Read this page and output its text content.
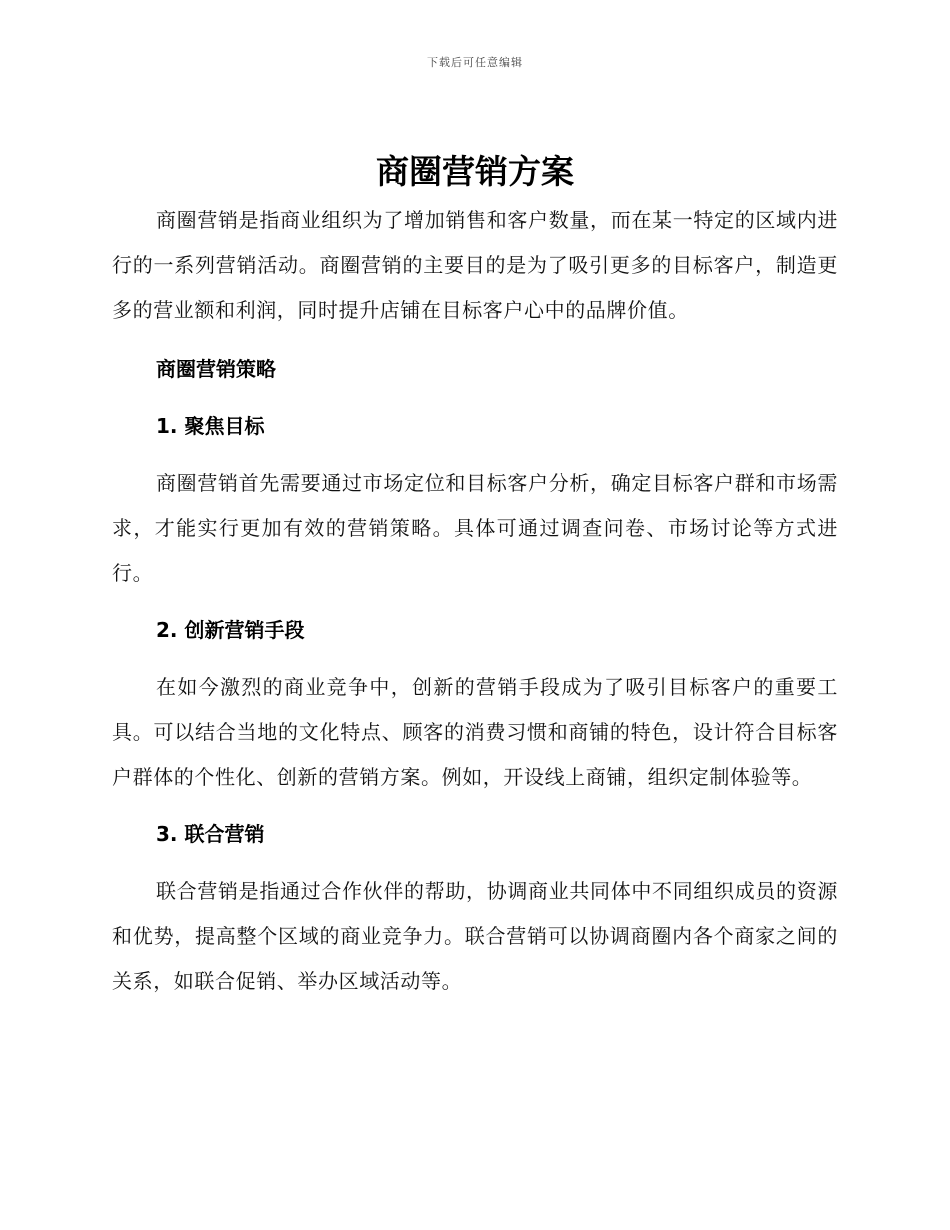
下载后可任意编辑
商圈营销方案

商圈营销是指商业组织为了增加销售和客户数量，而在某一特定的区域内进行的一系列营销活动。商圈营销的主要目的是为了吸引更多的目标客户，制造更多的营业额和利润，同时提升店铺在目标客户心中的品牌价值。

商圈营销策略
1. 聚焦目标

商圈营销首先需要通过市场定位和目标客户分析，确定目标客户群和市场需求，才能实行更加有效的营销策略。具体可通过调查问卷、市场讨论等方式进行。

2. 创新营销手段

在如今激烈的商业竞争中，创新的营销手段成为了吸引目标客户的重要工具。可以结合当地的文化特点、顾客的消费习惯和商铺的特色，设计符合目标客户群体的个性化、创新的营销方案。例如，开设线上商铺，组织定制体验等。

3. 联合营销

联合营销是指通过合作伙伴的帮助，协调商业共同体中不同组织成员的资源和优势，提高整个区域的商业竞争力。联合营销可以协调商圈内各个商家之间的关系，如联合促销、举办区域活动等。
